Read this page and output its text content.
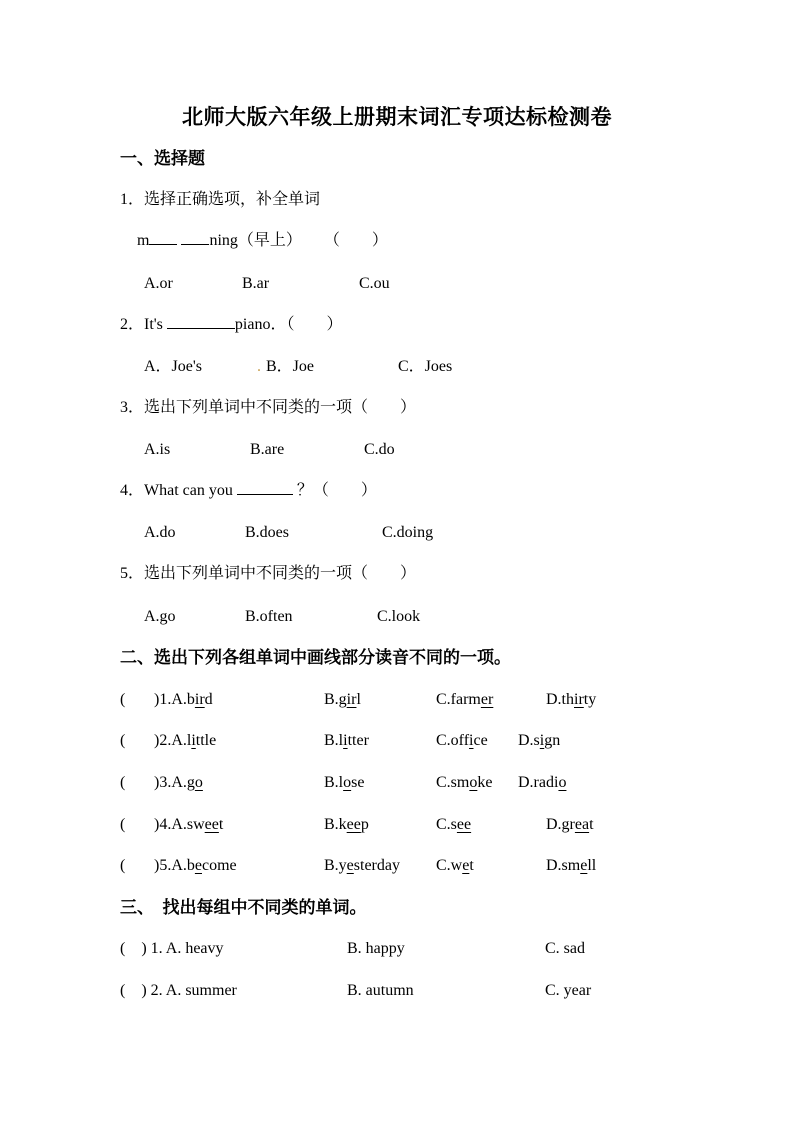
北师大版六年级上册期末词汇专项达标检测卷
一、选择题
1．选择正确选项，补全单词
m	ning（早上） （　　）
A.or	B.ar	C.ou
2．It's	piano．（　　）
A．Joe's	. B．Joe	C．Joes
3．选出下列单词中不同类的一项（　　）
A.is	B.are	C.do
4．What can you	？（　　）
A.do	B.does	C.doing
5．选出下列单词中不同类的一项（　　）
A.go	B.often	C.look
二、选出下列各组单词中画线部分读音不同的一项。
( )1.A.bird	B.girl	C.farmer	D.thirty
( )2.A.little	B.litter	C.office D.sign
( )3.A.go	B.lose	C.smoke D.radio
( )4.A.sweet	B.keep	C.see	D.great
( )5.A.become	B.yesterday C.wet	D.smell
三、　找出每组中不同类的单词。
(　) 1. A. heavy	B. happy	C. sad
(　) 2. A. summer	B. autumn	C. year
